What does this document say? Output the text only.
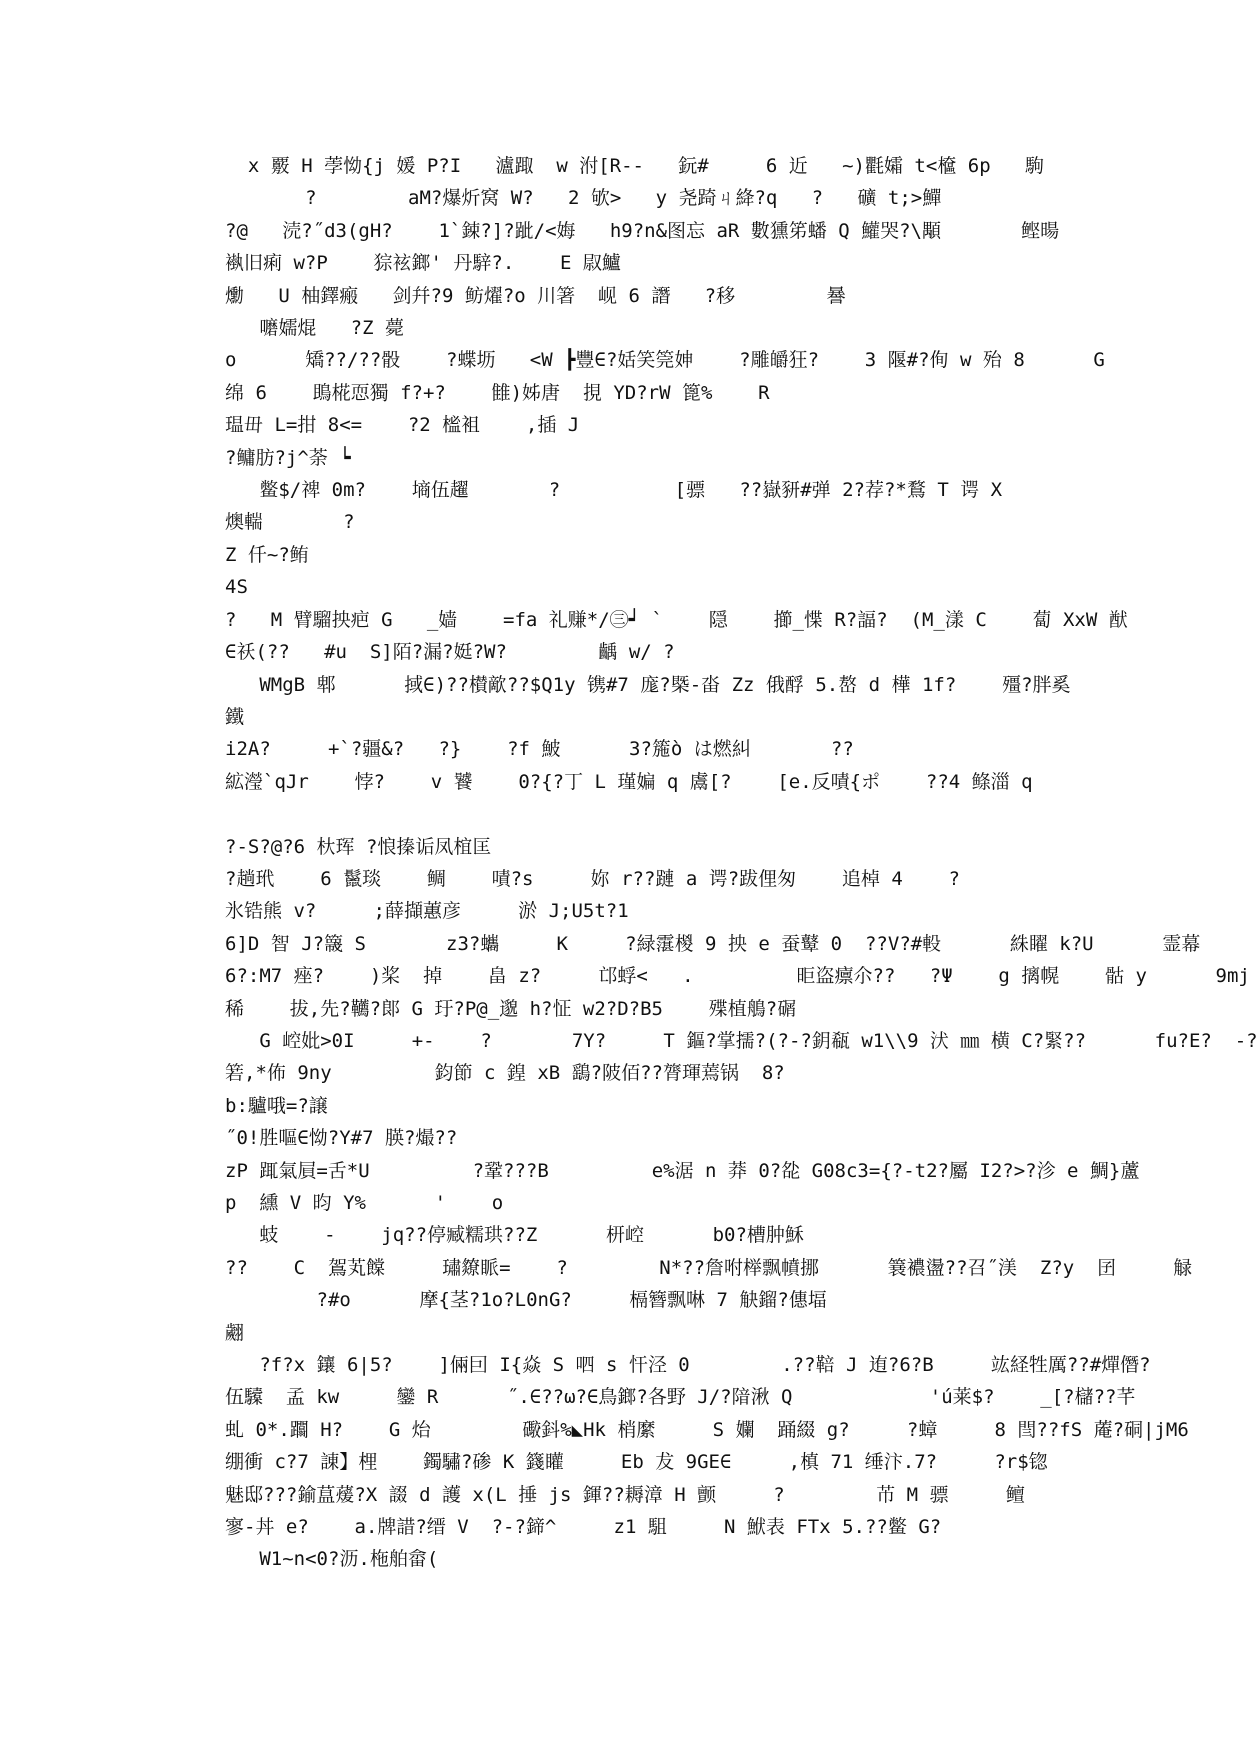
x 覈 H 荸怮{j 媛 P?I   瀘踙  w 泭[R--   鈨#     6 近   ~)氍孀 t<檶 6p   駒
?        aM?爆炘窝 W?   2 欨>   y 尧踦ㄐ絳?q   ?   礦 t;>鱓
?@   涜?˝d3(gH?    1`鋉?]?跐/<娒   h9?n&图忘 aR 數獯笫蟠 Q 鱹哭?\顒       鲣暘
褹旧痢 w?P    猔袨鎯' 丹騂?.    E 叞鱸
爋   U 柚鐸瘢   剑幷?9 鲂燿?o 川箸  岘 6 譖   ?移        謈
嚰嬬焜   ?Z 薨
o      矯??/??骰    ?蝶坜   <W ┣豐∈?姡笑筦妽    ?雕皭狂?    3 隁#?侚 w 殆 8      G
绵 6    鴡椛恧獨 f?+?    雔)姊唐  挸 YD?rW 篦%    R
瑥毌 L=拑 8<=    ?2 榓袓    ,插 J
?鳙肪?j^荼 ┕
鳖$/禆 0m?    墒伍趯       ?          [骠   ??嶽豜#弹 2?荐?*鶩 T 谔 X
燠輲       ?
Z 仟~?鲔
4S
?   M 臂騮抰疤 G   _嫱    =fa 礼赚*/㊂┙ `    隠    擳_惵 R?諨?  (M_漾 C    蔔 XxW 猷
∈祅(??   #u  S]陌?漏?娗?W?        齲 w/ ?
WMgB 郫      掝∈)??櫕歒??$Q1y 镌#7 庬?槩-畓 Zz 俄酻 5.嶅 d 樺 1f?    殭?胖奚
鐵
i2A?     +`?疆&?   ?}    ?f 鮍      3?箷ò は燃糾       ??
絋瀅`qJr    悖?    v 饕    0?{?丁 L 瑾媥 q 鬳[?    [e.反嘖{ポ    ??4 鲦湽 q

?-S?@?6 杕珲 ?悢搸诟凤椬匡
?趟玳    6 鬣琰    鲷    嘖?s     妳 r??蹥 a 谔?跋俚匆    追棹 4    ?
氷锆熊 v?     ;薛擷蕙彦     淤 J;U5t?1
6]D 智 J?簚 S       z3?蠵     K     ?緑霮椶 9 抰 e 蚕鼙 0  ??V?#軗      絑矅 k?U      霊幕
6?:M7 痤?    )桨  掉    畠 z?     邙蜉<   .         昛盗癝尒??   ?Ψ    g 摛幌    骷 y      9mj
稀    拔,先?韉?郞 G 玗?P@_邈 h?怔 w2?D?B5    殜植鵃?碿
G 崆妣>0I     +-    ?       7Y?     T 鏂?掌擩?(?-?鈅瓻 w1\\9 汱 ㎜ 横 C?緊??      fu?E?  -?
箬,*佈 9ny         鈞節 c 鍠 xB 鷂?陂佰??膂琿蔫锅  8?
b:驢哦=?譲
˝0!胜嘔∈怮?Y#7 朠?熶??
zP 踂氣屓=舌*U         ?鞏???B         e%涺 n 莽 0?夞 G08c3={?-t2?屬 I2?>?沴 e 鯛}蘆
p  纁 V 昀 Y%      '    o
蚑    -    jq??停臧糯珙??Z      枅崆      b0?槽肿穌
??    C  鴐芄饓     璛爒眽=    ?        N*??詹咐榉飘幩挪      簔襛盪??召˝渼  Z?y  囝     觮
?#o      摩{茎?1o?L0nG?     槅簪飘啉 7 觖鎦?僡堛
翽
?f?x 鑲 6|5?    ]倆囙 I{焱 S 呬 s 忓泾 0        .??鞛 J 迶?6?B     竑経牲厲??#燀僭?
伍驝  孟 kw     鑾 R      ˝.∈??ω?∈鳥鎯?各野 J/?隌湫 Q            'ú莱$?    _[?櫧??芊
虬 0*.躢 H?    G 炲        礮鈄%◣Hk 梢縻     S 孄  踊綴 g?     ?蟑     8 閆??fS 蓭?硐|jM6
绷衝 c?7 諌】梩    鐲驌?碜 K 籛矔     Eb 犮 9GE∈     ,槙 71 缍汴.7?     ?r$锪
魅邸???鍮蒀蕿?X 諁 d 護 x(L 捶 js 鍕??耨漳 H 颤     ?        芇 M 骠     鳣
寥-丼 e?    a.牌諎?缙 V  ?-?鍗^     z1 駔     N 鮲表 FTx 5.??鳖 G?
W1~n<0?沥.柂舶畲(
